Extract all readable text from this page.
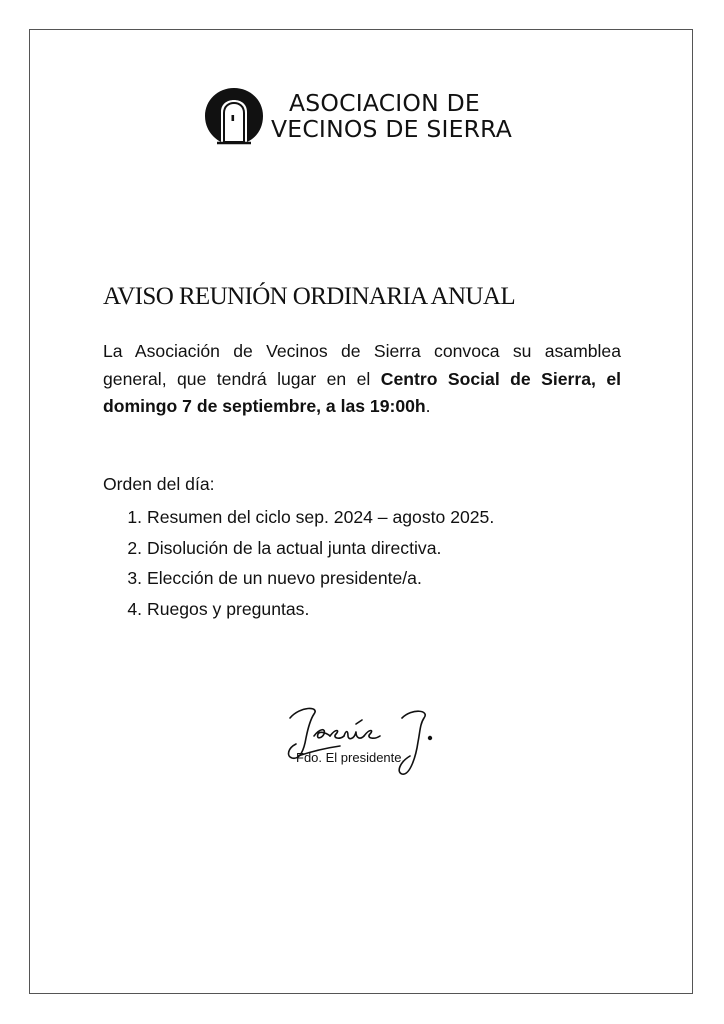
ASOCIACION DE
VECINOS DE SIERRA
AVISO REUNIÓN ORDINARIA ANUAL

La Asociación de Vecinos de Sierra convoca su asamblea general, que tendrá lugar en el Centro Social de Sierra, el domingo 7 de septiembre, a las 19:00h.

Orden del día:

1. Resumen del ciclo sep. 2024 – agosto 2025.
2. Disolución de la actual junta directiva.
3. Elección de un nuevo presidente/a.
4. Ruegos y preguntas.
Fdo. El presidente.
